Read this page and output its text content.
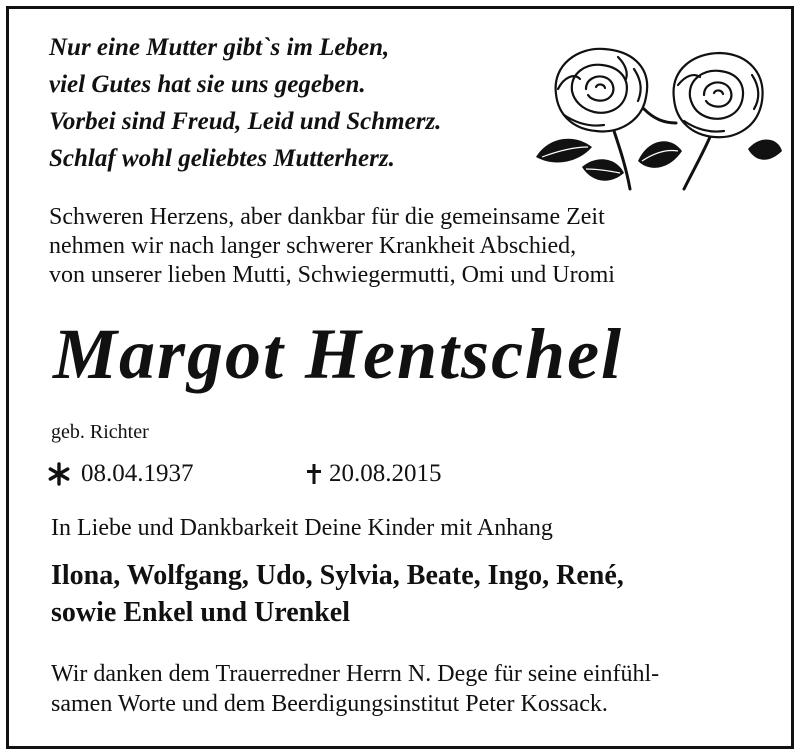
Nur eine Mutter gibt`s im Leben,
viel Gutes hat sie uns gegeben.
Vorbei sind Freud, Leid und Schmerz.
Schlaf wohl geliebtes Mutterherz.
Schweren Herzens, aber dankbar für die gemeinsame Zeit
nehmen wir nach langer schwerer Krankheit Abschied,
von unserer lieben Mutti, Schwiegermutti, Omi und Uromi
Margot Hentschel
geb. Richter
08.04.1937	20.08.2015
In Liebe und Dankbarkeit Deine Kinder mit Anhang
Ilona, Wolfgang, Udo, Sylvia, Beate, Ingo, René,
sowie Enkel und Urenkel
Wir danken dem Trauerredner Herrn N. Dege für seine einfühl-
samen Worte und dem Beerdigungsinstitut Peter Kossack.
